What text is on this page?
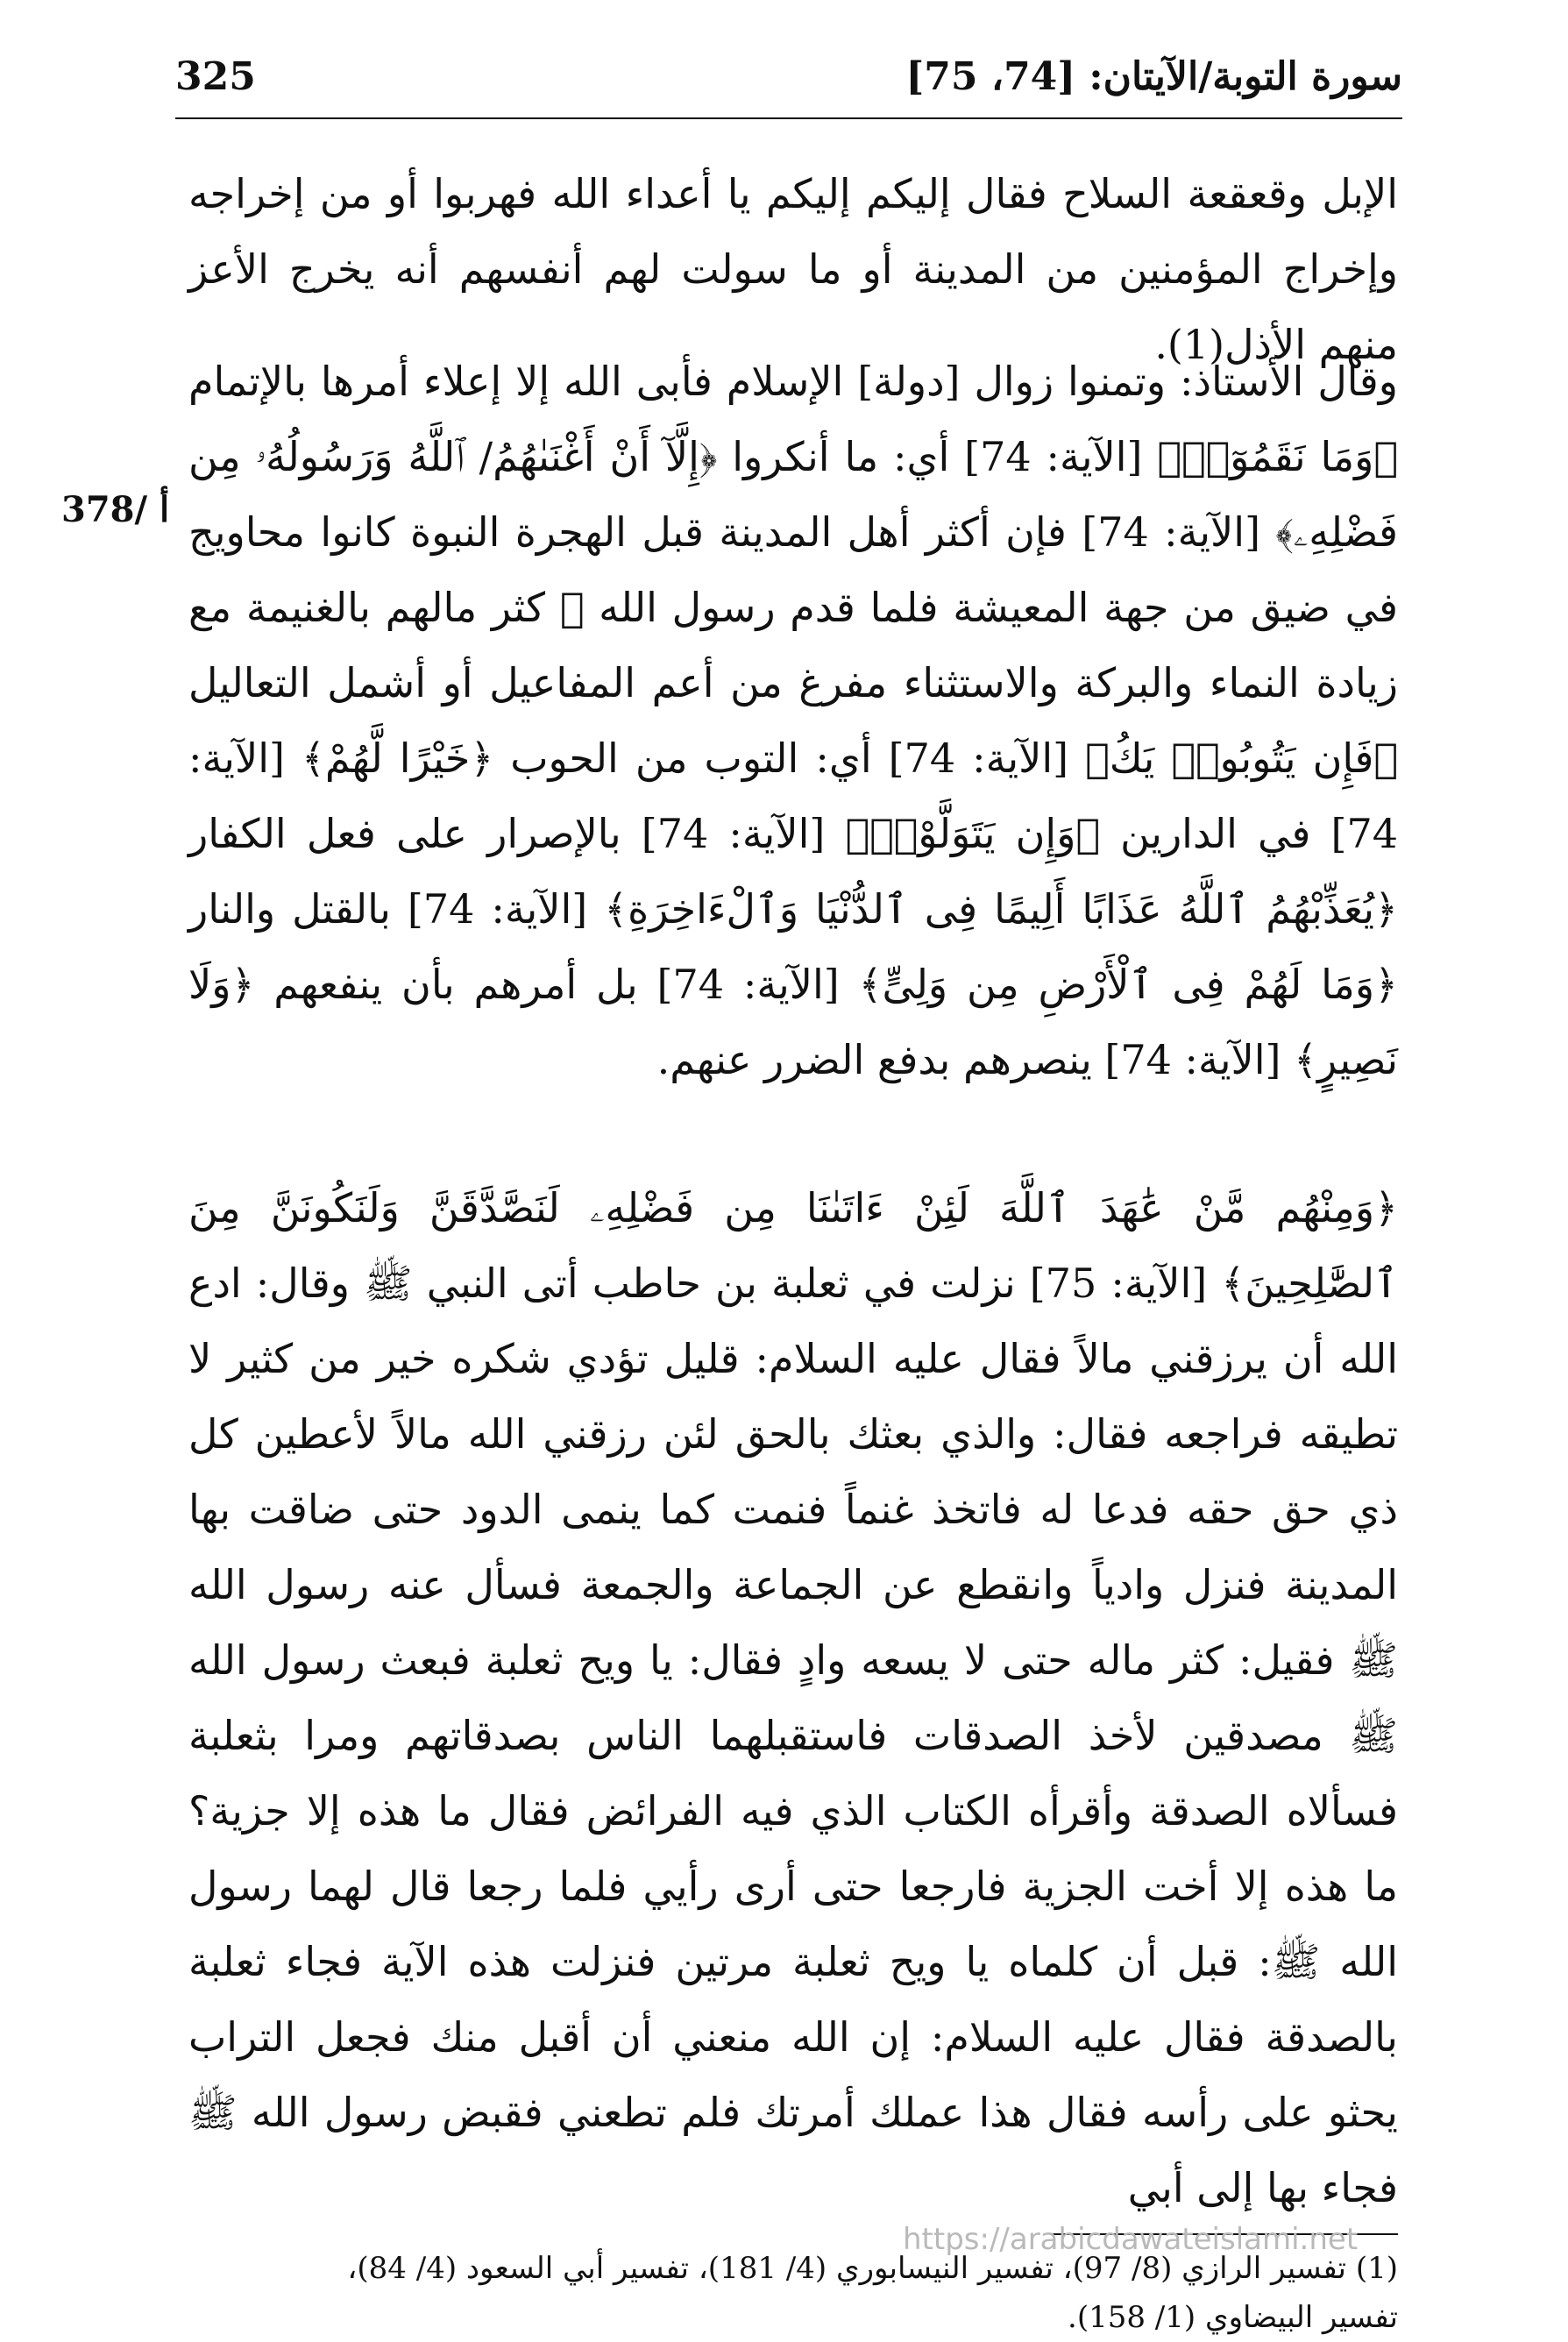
سورة التوبة/الآيتان: [74، 75]
325

الإبل وقعقعة السلاح فقال إليكم إليكم يا أعداء الله فهربوا أو من إخراجه وإخراج المؤمنين من المدينة أو ما سولت لهم أنفسهم أنه يخرج الأعز منهم الأذل(1).

378/ أ

وقال الأستاذ: وتمنوا زوال [دولة] الإسلام فأبى الله إلا إعلاء أمرها بالإتمام ﴿وَمَا نَقَمُوٓا۟﴾ [الآية: 74] أي: ما أنكروا ﴿إِلَّآ أَنْ أَغْنَىٰهُمُ/ ٱللَّهُ وَرَسُولُهُۥ مِن فَضْلِهِۦ﴾ [الآية: 74] فإن أكثر أهل المدينة قبل الهجرة النبوة كانوا محاويج في ضيق من جهة المعيشة فلما قدم رسول الله ﷺ كثر مالهم بالغنيمة مع زيادة النماء والبركة والاستثناء مفرغ من أعم المفاعيل أو أشمل التعاليل ﴿فَإِن يَتُوبُوا۟ يَكُ﴾ [الآية: 74] أي: التوب من الحوب ﴿خَيْرًا لَّهُمْ﴾ [الآية: 74] في الدارين ﴿وَإِن يَتَوَلَّوْا۟﴾ [الآية: 74] بالإصرار على فعل الكفار ﴿يُعَذِّبْهُمُ ٱللَّهُ عَذَابًا أَلِيمًا فِى ٱلدُّنْيَا وَٱلْءَاخِرَةِ﴾ [الآية: 74] بالقتل والنار ﴿وَمَا لَهُمْ فِى ٱلْأَرْضِ مِن وَلِىٍّ﴾ [الآية: 74] بل أمرهم بأن ينفعهم ﴿وَلَا نَصِيرٍ﴾ [الآية: 74] ينصرهم بدفع الضرر عنهم.

﴿وَمِنْهُم مَّنْ عَٰهَدَ ٱللَّهَ لَئِنْ ءَاتَىٰنَا مِن فَضْلِهِۦ لَنَصَّدَّقَنَّ وَلَنَكُونَنَّ مِنَ ٱلصَّٰلِحِينَ﴾ [الآية: 75] نزلت في ثعلبة بن حاطب أتى النبي ﷺ وقال: ادع الله أن يرزقني مالاً فقال عليه السلام: قليل تؤدي شكره خير من كثير لا تطيقه فراجعه فقال: والذي بعثك بالحق لئن رزقني الله مالاً لأعطين كل ذي حق حقه فدعا له فاتخذ غنماً فنمت كما ينمى الدود حتى ضاقت بها المدينة فنزل وادياً وانقطع عن الجماعة والجمعة فسأل عنه رسول الله ﷺ فقيل: كثر ماله حتى لا يسعه وادٍ فقال: يا ويح ثعلبة فبعث رسول الله ﷺ مصدقين لأخذ الصدقات فاستقبلهما الناس بصدقاتهم ومرا بثعلبة فسألاه الصدقة وأقرأه الكتاب الذي فيه الفرائض فقال ما هذه إلا جزية؟ ما هذه إلا أخت الجزية فارجعا حتى أرى رأيي فلما رجعا قال لهما رسول الله ﷺ: قبل أن كلماه يا ويح ثعلبة مرتين فنزلت هذه الآية فجاء ثعلبة بالصدقة فقال عليه السلام: إن الله منعني أن أقبل منك فجعل التراب يحثو على رأسه فقال هذا عملك أمرتك فلم تطعني فقبض رسول الله ﷺ فجاء بها إلى أبي

(1) تفسير الرازي (8/ 97)، تفسير النيسابوري (4/ 181)، تفسير أبي السعود (4/ 84)،

تفسير البيضاوي (1/ 158).

https://arabicdawateislami.net
